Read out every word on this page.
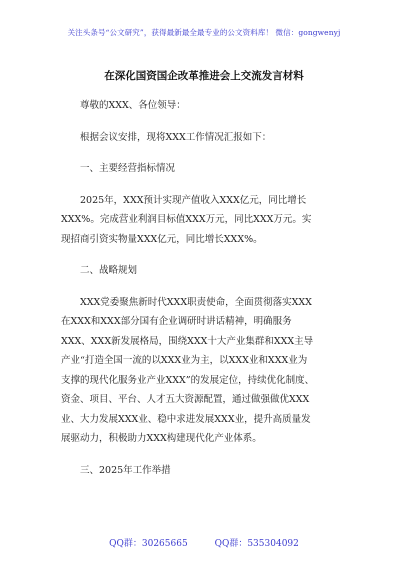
关注头条号“公文研究”，获得最新最全最专业的公文资料库！ 微信：gongwenyj
在深化国资国企改革推进会上交流发言材料
尊敬的XXX、各位领导：
根据会议安排，现将XXX工作情况汇报如下：
一、主要经营指标情况
2025年，XXX预计实现产值收入XXX亿元，同比增长
XXX%。完成营业利润目标值XXX万元，同比XXX万元。实
现招商引资实物量XXX亿元，同比增长XXX%。
二、战略规划
XXX党委聚焦新时代XXX职责使命，全面贯彻落实XXX
在XXX和XXX部分国有企业调研时讲话精神，明确服务
XXX、XXX新发展格局，围绕XXX十大产业集群和XXX主导
产业“打造全国一流的以XXX业为主，以XXX业和XXX业为
支撑的现代化服务业产业XXX”的发展定位，持续优化制度、
资金、项目、平台、人才五大资源配置，通过做强做优XXX
业、大力发展XXX业、稳中求进发展XXX业，提升高质量发
展驱动力，积极助力XXX构建现代化产业体系。
三、2025年工作举措
QQ群：30265665	QQ群：535304092
